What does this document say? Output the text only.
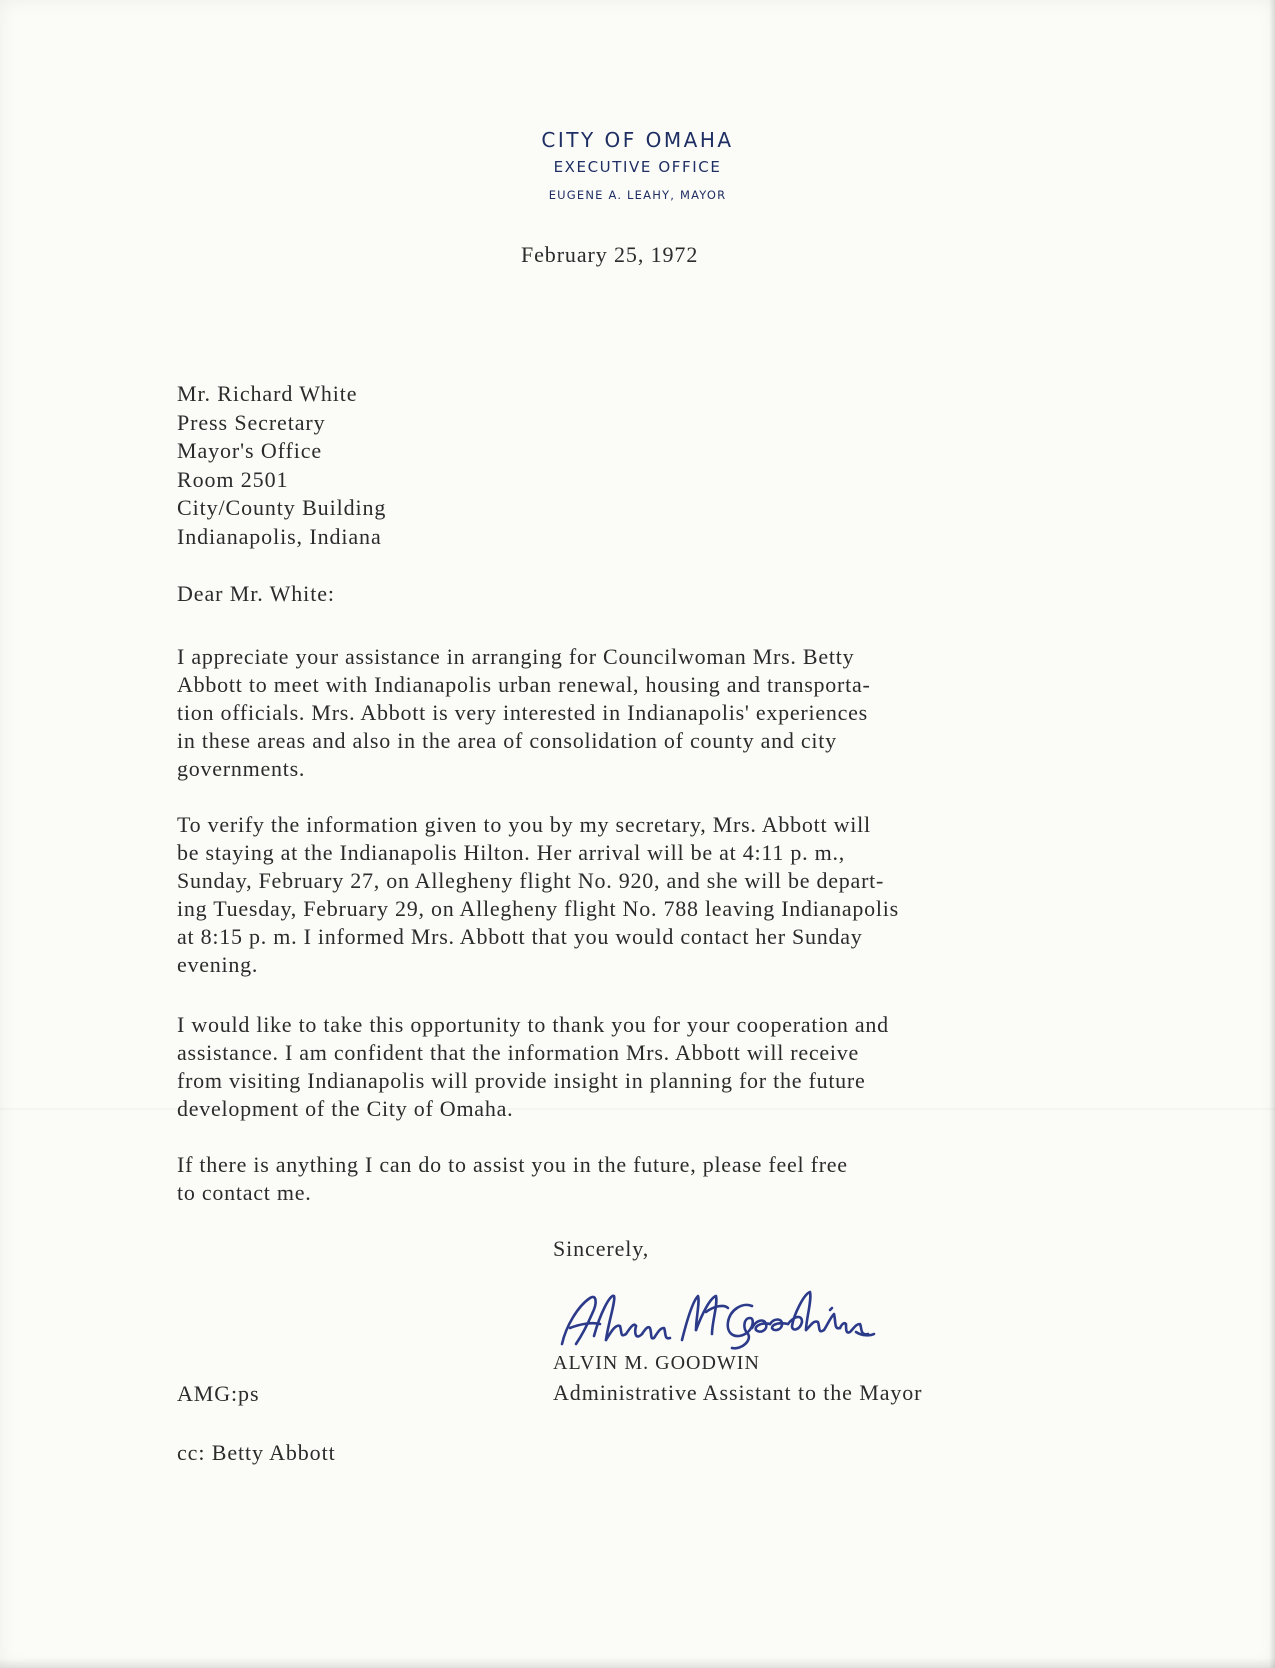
CITY OF OMAHA
EXECUTIVE OFFICE
EUGENE A. LEAHY, MAYOR
February 25, 1972
Mr. Richard White
Press Secretary
Mayor's Office
Room 2501
City/County Building
Indianapolis, Indiana
Dear Mr. White:
I appreciate your assistance in arranging for Councilwoman Mrs. Betty
Abbott to meet with Indianapolis urban renewal, housing and transporta-
tion officials. Mrs. Abbott is very interested in Indianapolis' experiences
in these areas and also in the area of consolidation of county and city
governments.
To verify the information given to you by my secretary, Mrs. Abbott will
be staying at the Indianapolis Hilton. Her arrival will be at 4:11 p. m.,
Sunday, February 27, on Allegheny flight No. 920, and she will be depart-
ing Tuesday, February 29, on Allegheny flight No. 788 leaving Indianapolis
at 8:15 p. m. I informed Mrs. Abbott that you would contact her Sunday
evening.
I would like to take this opportunity to thank you for your cooperation and
assistance. I am confident that the information Mrs. Abbott will receive
from visiting Indianapolis will provide insight in planning for the future
development of the City of Omaha.
If there is anything I can do to assist you in the future, please feel free
to contact me.
Sincerely,
ALVIN M. GOODWIN
Administrative Assistant to the Mayor
AMG:ps
cc: Betty Abbott
